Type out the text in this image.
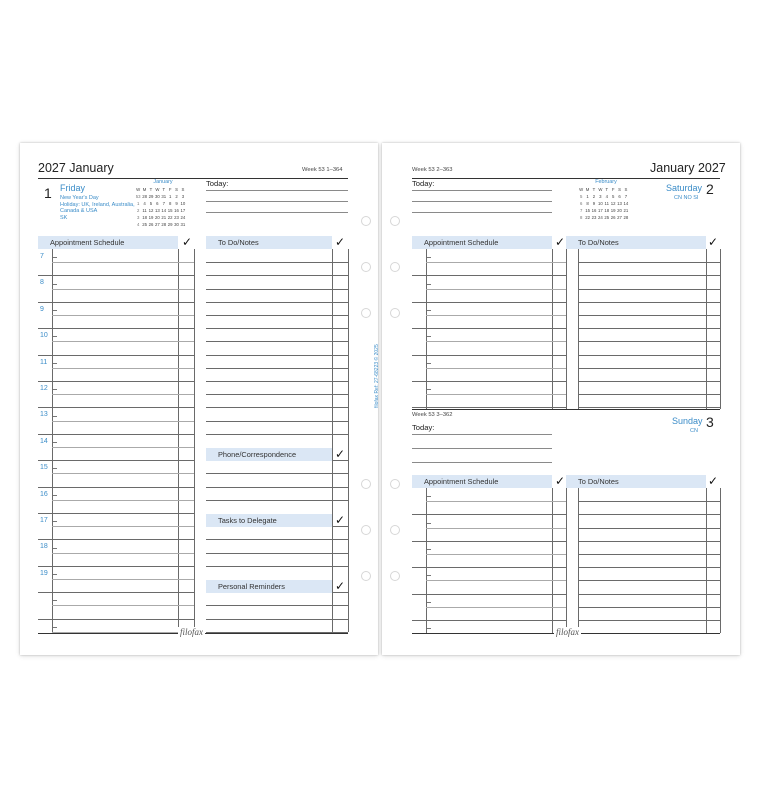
2027 January	Week 53 1–364
1 Friday
New Year's Day
Holiday: UK, Ireland, Australia,
Canada & USA
SK
January
W M T W T F S S
53 28 29 30 31 1 2 3
1 4 5 6 7 8 9 10
2 11 12 13 14 15 16 17
3 18 19 20 21 22 23 24
4 25 26 27 28 29 30 31
Today:
Appointment Schedule	✓	To Do/Notes	✓
7
8
9
10
11
12
13
14
15
16
17
18
19
Phone/Correspondence	✓
Tasks to Delegate	✓
Personal Reminders	✓
filofax
Week 53 2–363	January 2027
Today:	February
W M T W T F S S
5 1 2 3 4 5 6 7
6 8 9 10 11 12 13 14
7 15 16 17 18 19 20 21
8 22 23 24 25 26 27 28
Saturday 2
CN NO SI
Appointment Schedule	✓	To Do/Notes	✓
Week 53 3–362
Today:
Sunday 3
CN
Appointment Schedule	✓	To Do/Notes	✓
filofax
filofax Ref: 27-68223 © 2025
